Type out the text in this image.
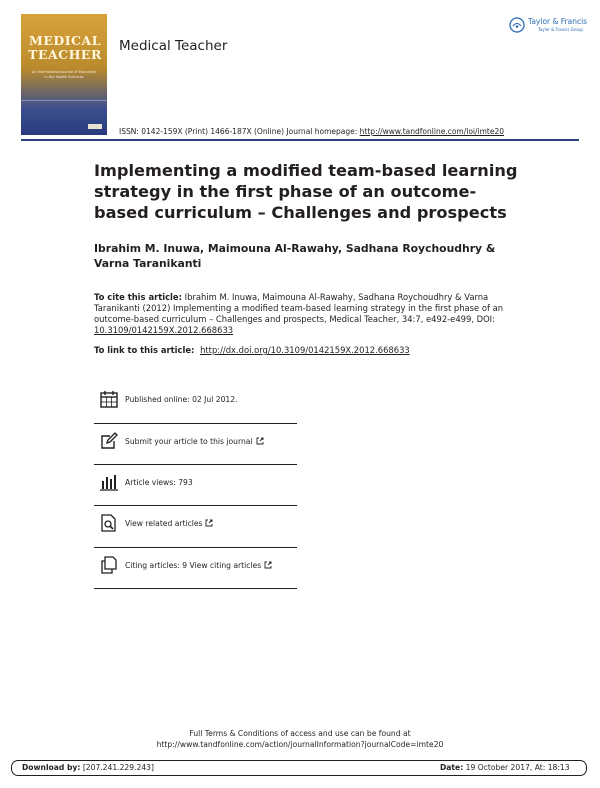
MEDICAL
TEACHER
An International Journal of Education in the Health Sciences
Medical Teacher
Taylor & Francis
Taylor & Francis Group
ISSN: 0142-159X (Print) 1466-187X (Online) Journal homepage: http://www.tandfonline.com/loi/imte20
Implementing a modified team-based learning strategy in the first phase of an outcome-based curriculum – Challenges and prospects
Ibrahim M. Inuwa, Maimouna Al-Rawahy, Sadhana Roychoudhry & Varna Taranikanti
To cite this article: Ibrahim M. Inuwa, Maimouna Al-Rawahy, Sadhana Roychoudhry & Varna Taranikanti (2012) Implementing a modified team-based learning strategy in the first phase of an outcome-based curriculum – Challenges and prospects, Medical Teacher, 34:7, e492-e499, DOI: 10.3109/0142159X.2012.668633
To link to this article: http://dx.doi.org/10.3109/0142159X.2012.668633
Published online: 02 Jul 2012.
Submit your article to this journal
Article views: 793
View related articles
Citing articles: 9 View citing articles
Full Terms & Conditions of access and use can be found at
http://www.tandfonline.com/action/journalInformation?journalCode=imte20
Download by: [207.241.229.243]	Date: 19 October 2017, At: 18:13
